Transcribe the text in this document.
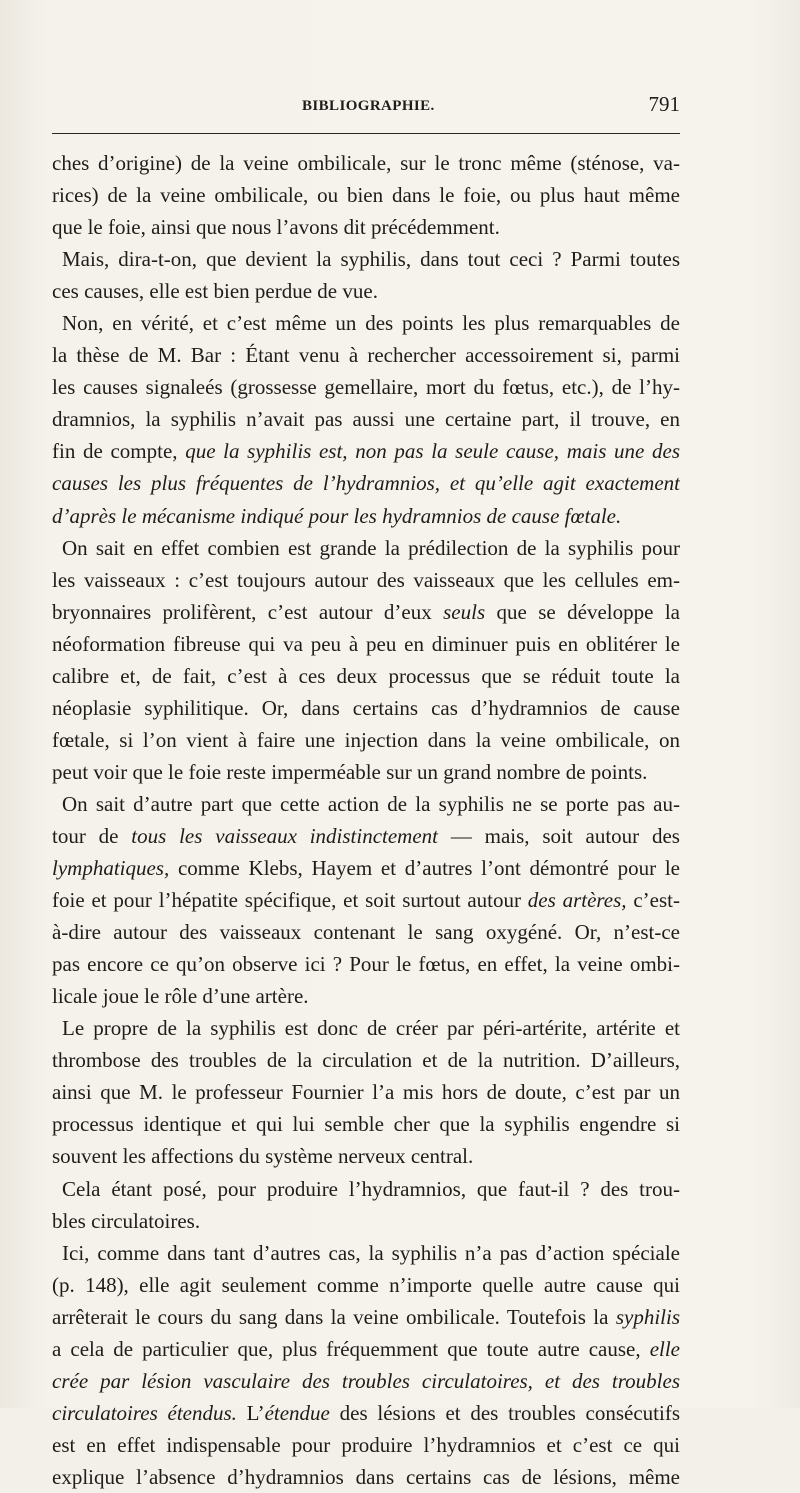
BIBLIOGRAPHIE.	791
ches d’origine) de la veine ombilicale, sur le tronc même (sténose, va-
rices) de la veine ombilicale, ou bien dans le foie, ou plus haut même
que le foie, ainsi que nous l’avons dit précédemment.
Mais, dira-t-on, que devient la syphilis, dans tout ceci ? Parmi toutes
ces causes, elle est bien perdue de vue.
Non, en vérité, et c’est même un des points les plus remarquables de
la thèse de M. Bar : Étant venu à rechercher accessoirement si, parmi
les causes signaleés (grossesse gemellaire, mort du fœtus, etc.), de l’hy-
dramnios, la syphilis n’avait pas aussi une certaine part, il trouve, en
fin de compte, que la syphilis est, non pas la seule cause, mais une des
causes les plus fréquentes de l’hydramnios, et qu’elle agit exactement
d’après le mécanisme indiqué pour les hydramnios de cause fœtale.
On sait en effet combien est grande la prédilection de la syphilis pour
les vaisseaux : c’est toujours autour des vaisseaux que les cellules em-
bryonnaires prolifèrent, c’est autour d’eux seuls que se développe la
néoformation fibreuse qui va peu à peu en diminuer puis en oblitérer le
calibre et, de fait, c’est à ces deux processus que se réduit toute la
néoplasie syphilitique. Or, dans certains cas d’hydramnios de cause
fœtale, si l’on vient à faire une injection dans la veine ombilicale, on
peut voir que le foie reste imperméable sur un grand nombre de points.
On sait d’autre part que cette action de la syphilis ne se porte pas au-
tour de tous les vaisseaux indistinctement — mais, soit autour des
lymphatiques, comme Klebs, Hayem et d’autres l’ont démontré pour le
foie et pour l’hépatite spécifique, et soit surtout autour des artères, c’est-
à-dire autour des vaisseaux contenant le sang oxygéné. Or, n’est-ce
pas encore ce qu’on observe ici ? Pour le fœtus, en effet, la veine ombi-
licale joue le rôle d’une artère.
Le propre de la syphilis est donc de créer par péri-artérite, artérite et
thrombose des troubles de la circulation et de la nutrition. D’ailleurs,
ainsi que M. le professeur Fournier l’a mis hors de doute, c’est par un
processus identique et qui lui semble cher que la syphilis engendre si
souvent les affections du système nerveux central.
Cela étant posé, pour produire l’hydramnios, que faut-il ? des trou-
bles circulatoires.
Ici, comme dans tant d’autres cas, la syphilis n’a pas d’action spéciale
(p. 148), elle agit seulement comme n’importe quelle autre cause qui
arrêterait le cours du sang dans la veine ombilicale. Toutefois la syphilis
a cela de particulier que, plus fréquemment que toute autre cause, elle
crée par lésion vasculaire des troubles circulatoires, et des troubles
circulatoires étendus. L’étendue des lésions et des troubles consécutifs
est en effet indispensable pour produire l’hydramnios et c’est ce qui
explique l’absence d’hydramnios dans certains cas de lésions, même
